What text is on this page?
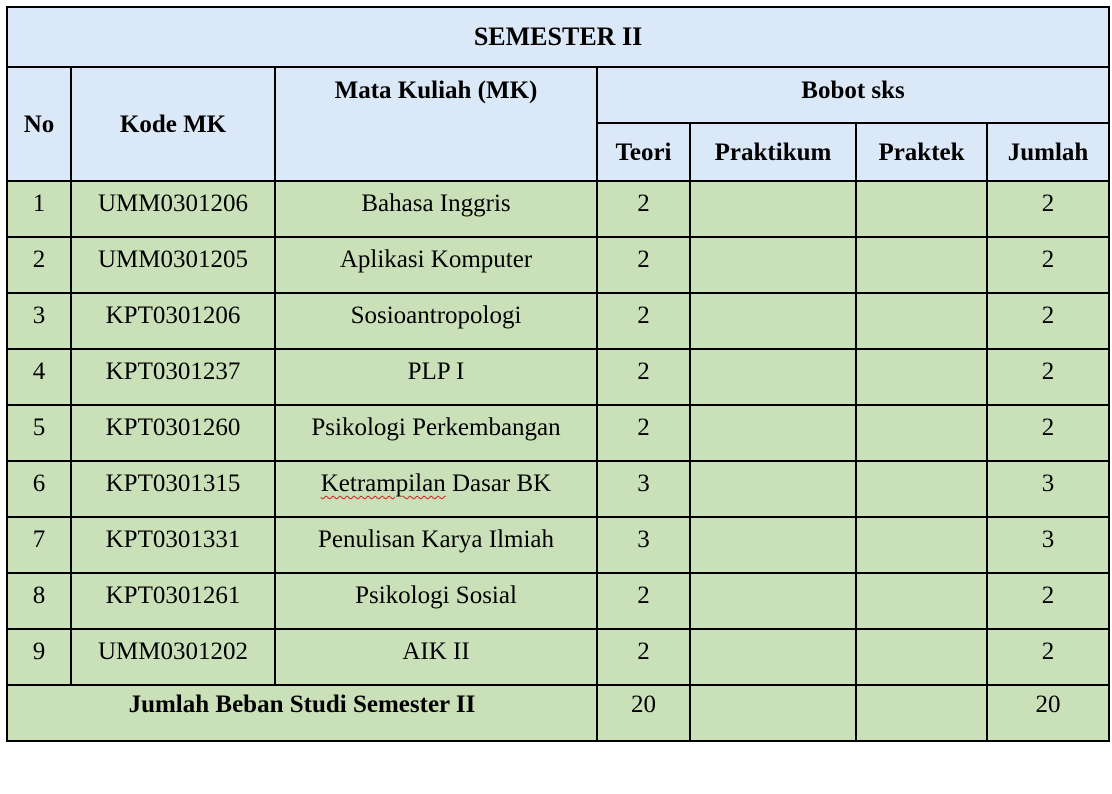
SEMESTER II						
No	Kode MK	Mata Kuliah (MK)	Bobot sks			
			Teori	Praktikum	Praktek	Jumlah
1	UMM0301206	Bahasa Inggris	2			2
2	UMM0301205	Aplikasi Komputer	2			2
3	KPT0301206	Sosioantropologi	2			2
4	KPT0301237	PLP I	2			2
5	KPT0301260	Psikologi Perkembangan	2			2
6	KPT0301315	Ketrampilan Dasar BK	3			3
7	KPT0301331	Penulisan Karya Ilmiah	3			3
8	KPT0301261	Psikologi Sosial	2			2
9	UMM0301202	AIK II	2			2
Jumlah Beban Studi Semester II			20			20
